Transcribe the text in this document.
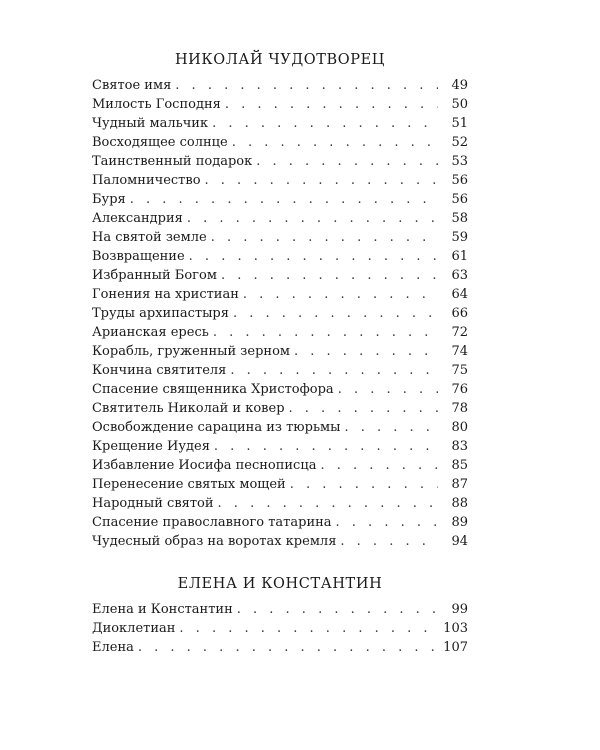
НИКОЛАЙ ЧУДОТВОРЕЦ
Святое имя . . .	49
Милость Господня . . .	50
Чудный мальчик . . .	51
Восходящее солнце . . .	52
Таинственный подарок . . .	53
Паломничество . . .	56
Буря . . .	56
Александрия . . .	58
На святой земле . . .	59
Возвращение . . .	61
Избранный Богом . . .	63
Гонения на христиан . . .	64
Труды архипастыря . . .	66
Арианская ересь . . .	72
Корабль, груженный зерном . . .	74
Кончина святителя . . .	75
Спасение священника Христофора . . .	76
Святитель Николай и ковер . . .	78
Освобождение сарацина из тюрьмы . . .	80
Крещение Иудея . . .	83
Избавление Иосифа песнописца . . .	85
Перенесение святых мощей . . .	87
Народный святой . . .	88
Спасение православного татарина . . .	89
Чудесный образ на воротах кремля . . .	94
ЕЛЕНА И КОНСТАНТИН
Елена и Константин . . .	99
Диоклетиан . . .	103
Елена . . .	107
